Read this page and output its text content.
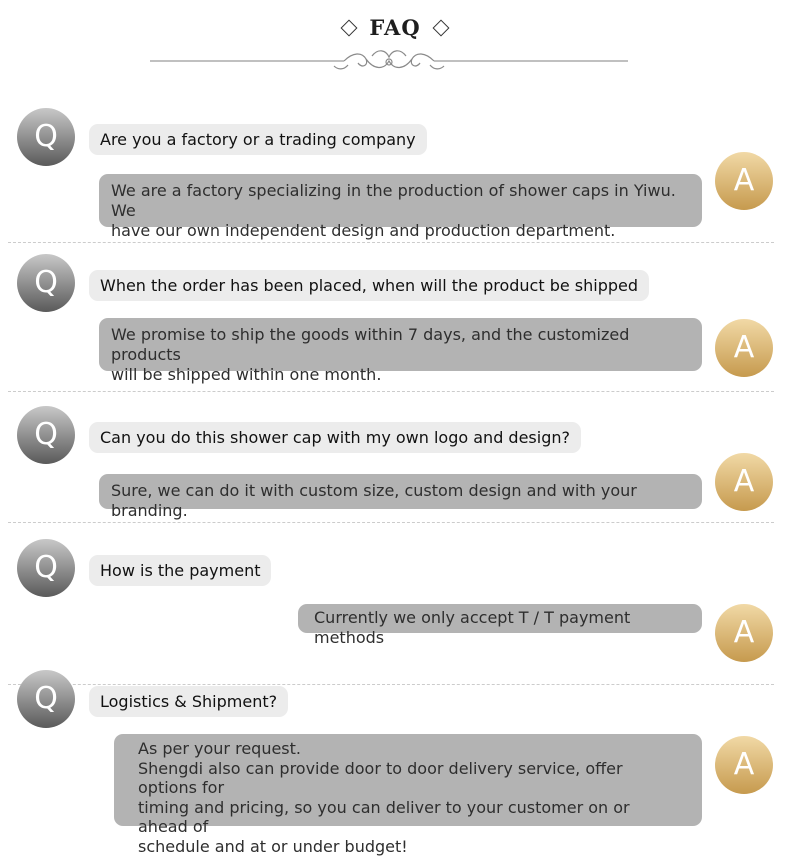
FAQ
Q	Are you a factory or a trading company
A
We are a factory specializing in the production of shower caps in Yiwu. We
have our own independent design and production department.
Q	When the order has been placed, when will the product be shipped
A
We promise to ship the goods within 7 days, and the customized products
will be shipped within one month.
Q	Can you do this shower cap with my own logo and design?
A
Sure, we can do it with custom size, custom design and with your branding.
Q	How is the payment
A
Currently we only accept T / T payment methods
Q	Logistics & Shipment?
A
As per your request.
Shengdi also can provide door to door delivery service, offer options for
timing and pricing, so you can deliver to your customer on or ahead of
schedule and at or under budget!
